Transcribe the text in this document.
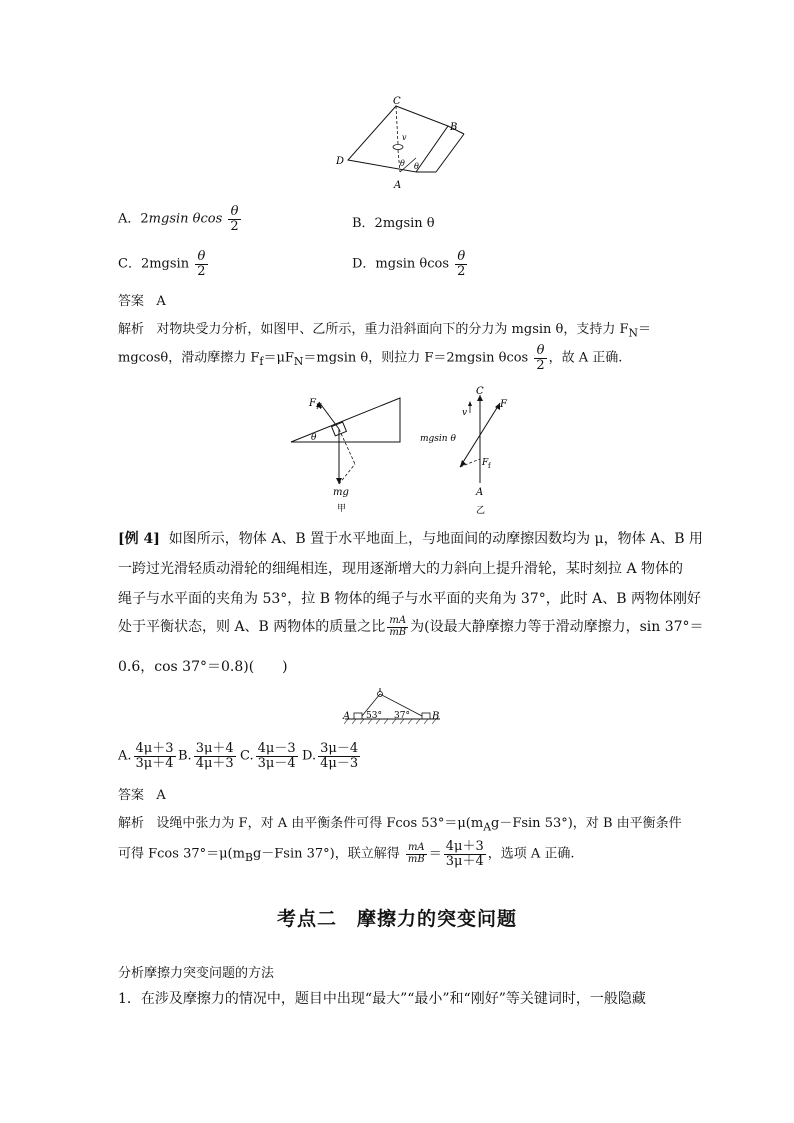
C
B
D
A
v
θ θ
A．2mgsin θcos $\frac{\theta}{2}$	B．2mgsin θ
C．$2mgsin \frac{\theta}{2}$	D．mgsin θcos $\frac{\theta}{2}$
答案 A
解析 对物块受力分析，如图甲、乙所示，重力沿斜面向下的分力为 mgsin θ，支持力 $F_N=$
mgcosθ，滑动摩擦力 $F_f=\mu F_N=mgsin$ θ，则拉力 F＝2mgsin θcos $\frac{\theta}{2}$ ，故 A 正确.
F N
θ
mg
甲
C
F
v
mgsin θ
F f
A
乙
[例 4] 如图所示，物体 A、B 置于水平地面上，与地面间的动摩擦因数均为 μ，物体 A、B 用
一跨过光滑轻质动滑轮的细绳相连，现用逐渐增大的力斜向上提升滑轮，某时刻拉 A 物体的
绳子与水平面的夹角为 53°，拉 B 物体的绳子与水平面的夹角为 37°，此时 A、B 两物体刚好
处于平衡状态，则 A、B 两物体的质量之比 $\frac{mA}{mB}$ 为(设最大静摩擦力等于滑动摩擦力，sin 37°＝
0.6，cos 37°＝0.8)(　　)
A 53° 37° B
A. $\frac{4\mu+3}{3\mu+4} B$. $\frac{3\mu+4}{4\mu+3} C$. $\frac{4\mu-3}{3\mu-4} D$. $\frac{3\mu-4}{4\mu-3}$
答案 A
解析 设绳中张力为 F，对 A 由平衡条件可得 Fcos $53^\circ=\mu(m_Ag-Fsin$ 53°)，对 B 由平衡条件
可得 Fcos $37^\circ=\mu(m_Bg-Fsin$ 37°)，联立解得 $\frac{mA}{mB} = \frac{4\mu+3}{3\mu+4}$ ，选项 A 正确.
考点二　摩擦力的突变问题
分析摩擦力突变问题的方法
1．在涉及摩擦力的情况中，题目中出现“最大”“最小”和“刚好”等关键词时，一般隐藏
